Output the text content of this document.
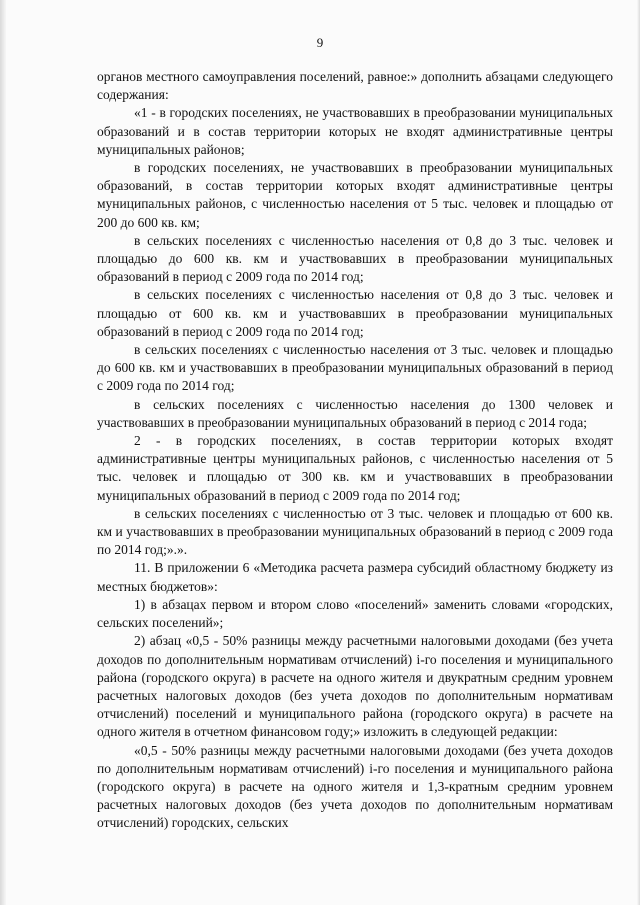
9

органов местного самоуправления поселений, равное:» дополнить абзацами следующего содержания:

«1 - в городских поселениях, не участвовавших в преобразовании муниципальных образований и в состав территории которых не входят административные центры муниципальных районов;

в городских поселениях, не участвовавших в преобразовании муниципальных образований, в состав территории которых входят административные центры муниципальных районов, с численностью населения от 5 тыс. человек и площадью от 200 до 600 кв. км;

в сельских поселениях с численностью населения от 0,8 до 3 тыс. человек и площадью до 600 кв. км и участвовавших в преобразовании муниципальных образований в период с 2009 года по 2014 год;

в сельских поселениях с численностью населения от 0,8 до 3 тыс. человек и площадью от 600 кв. км и участвовавших в преобразовании муниципальных образований в период с 2009 года по 2014 год;

в сельских поселениях с численностью населения от 3 тыс. человек и площадью до 600 кв. км и участвовавших в преобразовании муниципальных образований в период с 2009 года по 2014 год;

в сельских поселениях с численностью населения до 1300 человек и участвовавших в преобразовании муниципальных образований в период с 2014 года;

2 - в городских поселениях, в состав территории которых входят административные центры муниципальных районов, с численностью населения от 5 тыс. человек и площадью от 300 кв. км и участвовавших в преобразовании муниципальных образований в период с 2009 года по 2014 год;

в сельских поселениях с численностью от 3 тыс. человек и площадью от 600 кв. км и участвовавших в преобразовании муниципальных образований в период с 2009 года по 2014 год;».».

11. В приложении 6 «Методика расчета размера субсидий областному бюджету из местных бюджетов»:

1) в абзацах первом и втором слово «поселений» заменить словами «городских, сельских поселений»;

2) абзац «0,5 - 50% разницы между расчетными налоговыми доходами (без учета доходов по дополнительным нормативам отчислений) i-го поселения и муниципального района (городского округа) в расчете на одного жителя и двукратным средним уровнем расчетных налоговых доходов (без учета доходов по дополнительным нормативам отчислений) поселений и муниципального района (городского округа) в расчете на одного жителя в отчетном финансовом году;» изложить в следующей редакции:

«0,5 - 50% разницы между расчетными налоговыми доходами (без учета доходов по дополнительным нормативам отчислений) i-го поселения и муниципального района (городского округа) в расчете на одного жителя и 1,3-кратным средним уровнем расчетных налоговых доходов (без учета доходов по дополнительным нормативам отчислений) городских, сельских
